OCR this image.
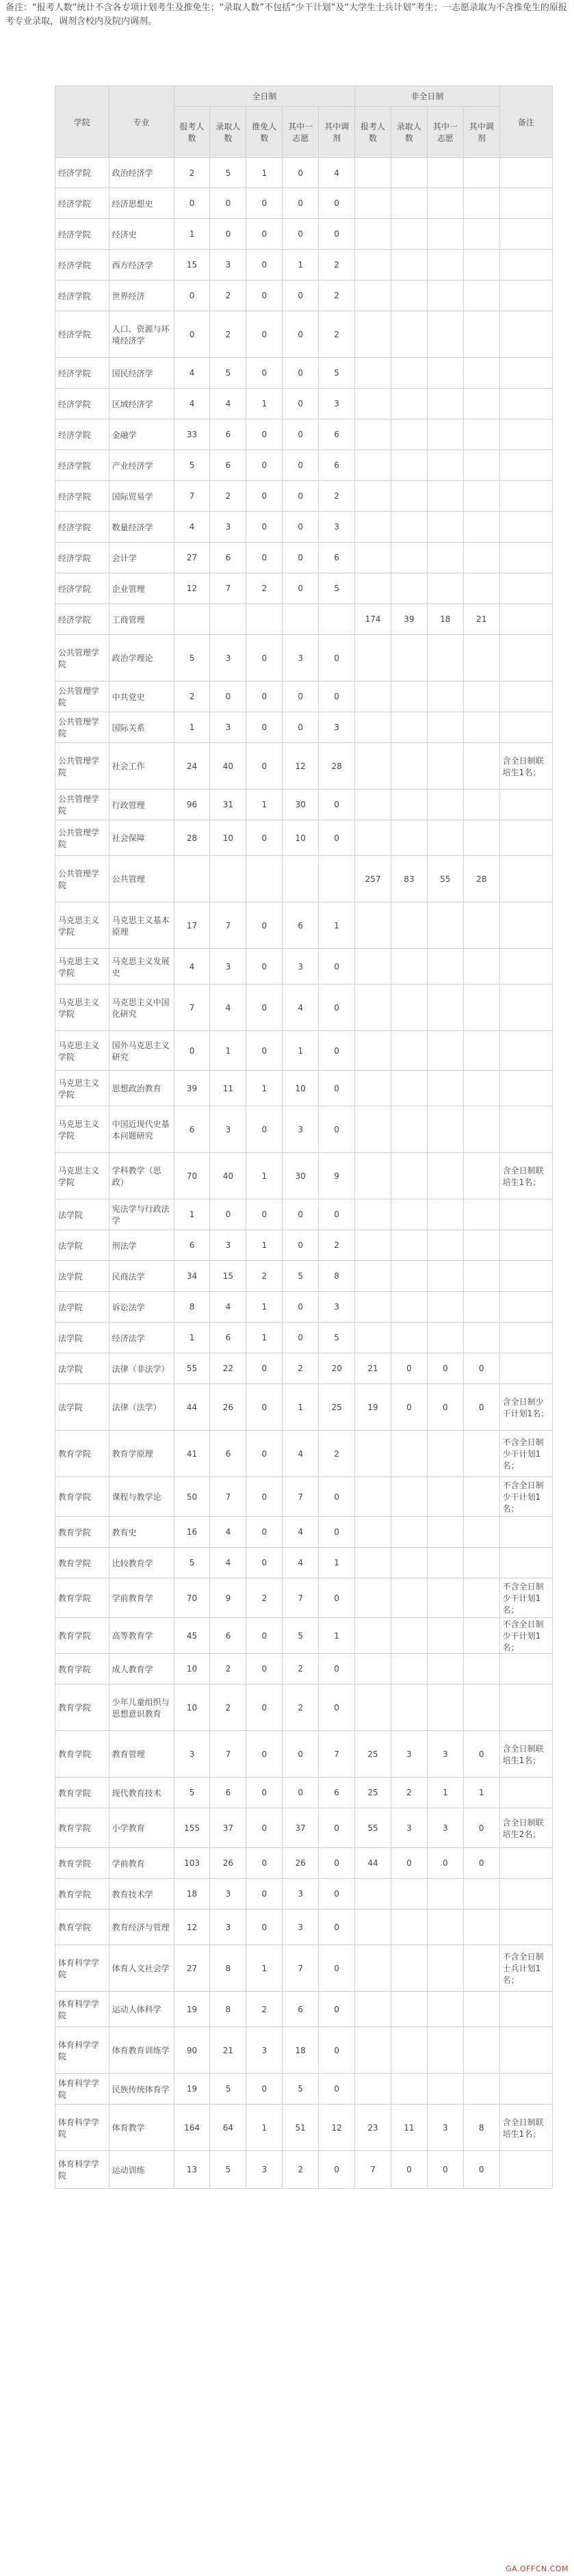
备注：“报考人数”统计不含各专项计划考生及推免生；“录取人数”不包括“少干计划”及“大学生士兵计划”考生；一志愿录取为不含推免生的原报考专业录取，调剂含校内及院内调剂。
学院	专业	全日制					非全日制				备注
		报考人数	录取人数	推免人数	其中一志愿	其中调剂	报考人数	录取人数	其中一志愿	其中调剂	
经济学院	政治经济学	2	5	1	0	4					
经济学院	经济思想史	0	0	0	0	0					
经济学院	经济史	1	0	0	0	0					
经济学院	西方经济学	15	3	0	1	2					
经济学院	世界经济	0	2	0	0	2					
经济学院	人口、资源与环境经济学	0	2	0	0	2					
经济学院	国民经济学	4	5	0	0	5					
经济学院	区域经济学	4	4	1	0	3					
经济学院	金融学	33	6	0	0	6					
经济学院	产业经济学	5	6	0	0	6					
经济学院	国际贸易学	7	2	0	0	2					
经济学院	数量经济学	4	3	0	0	3					
经济学院	会计学	27	6	0	0	6					
经济学院	企业管理	12	7	2	0	5					
经济学院	工商管理						174	39	18	21	
公共管理学院	政治学理论	5	3	0	3	0					
公共管理学院	中共党史	2	0	0	0	0					
公共管理学院	国际关系	1	3	0	0	3					
公共管理学院	社会工作	24	40	0	12	28					含全日制联培生1名；
公共管理学院	行政管理	96	31	1	30	0					
公共管理学院	社会保障	28	10	0	10	0					
公共管理学院	公共管理						257	83	55	28	
马克思主义学院	马克思主义基本原理	17	7	0	6	1					
马克思主义学院	马克思主义发展史	4	3	0	3	0					
马克思主义学院	马克思主义中国化研究	7	4	0	4	0					
马克思主义学院	国外马克思主义研究	0	1	0	1	0					
马克思主义学院	思想政治教育	39	11	1	10	0					
马克思主义学院	中国近现代史基本问题研究	6	3	0	3	0					
马克思主义学院	学科教学（思政）	70	40	1	30	9					含全日制联培生1名；
法学院	宪法学与行政法学	1	0	0	0	0					
法学院	刑法学	6	3	1	0	2					
法学院	民商法学	34	15	2	5	8					
法学院	诉讼法学	8	4	1	0	3					
法学院	经济法学	1	6	1	0	5					
法学院	法律（非法学）	55	22	0	2	20	21	0	0	0	
法学院	法律（法学）	44	26	0	1	25	19	0	0	0	含全日制少干计划1名；
教育学院	教育学原理	41	6	0	4	2					不含全日制少干计划1名；
教育学院	课程与教学论	50	7	0	7	0					不含全日制少干计划1名；
教育学院	教育史	16	4	0	4	0					
教育学院	比较教育学	5	4	0	4	1					
教育学院	学前教育学	70	9	2	7	0					不含全日制少干计划1名；
教育学院	高等教育学	45	6	0	5	1					不含全日制少干计划1名；
教育学院	成人教育学	10	2	0	2	0					
教育学院	少年儿童组织与思想意识教育	10	2	0	2	0					
教育学院	教育管理	3	7	0	0	7	25	3	3	0	含全日制联培生1名；
教育学院	现代教育技术	5	6	0	0	6	25	2	1	1	
教育学院	小学教育	155	37	0	37	0	55	3	3	0	含全日制联培生2名；
教育学院	学前教育	103	26	0	26	0	44	0	0	0	
教育学院	教育技术学	18	3	0	3	0					
教育学院	教育经济与管理	12	3	0	3	0					
体育科学学院	体育人文社会学	27	8	1	7	0					不含全日制士兵计划1名；
体育科学学院	运动人体科学	19	8	2	6	0					
体育科学学院	体育教育训练学	90	21	3	18	0					
体育科学学院	民族传统体育学	19	5	0	5	0					
体育科学学院	体育教学	164	64	1	51	12	23	11	3	8	含全日制联培生1名；
体育科学学院	运动训练	13	5	3	2	0	7	0	0	0	
GA.OFFCN.COM
